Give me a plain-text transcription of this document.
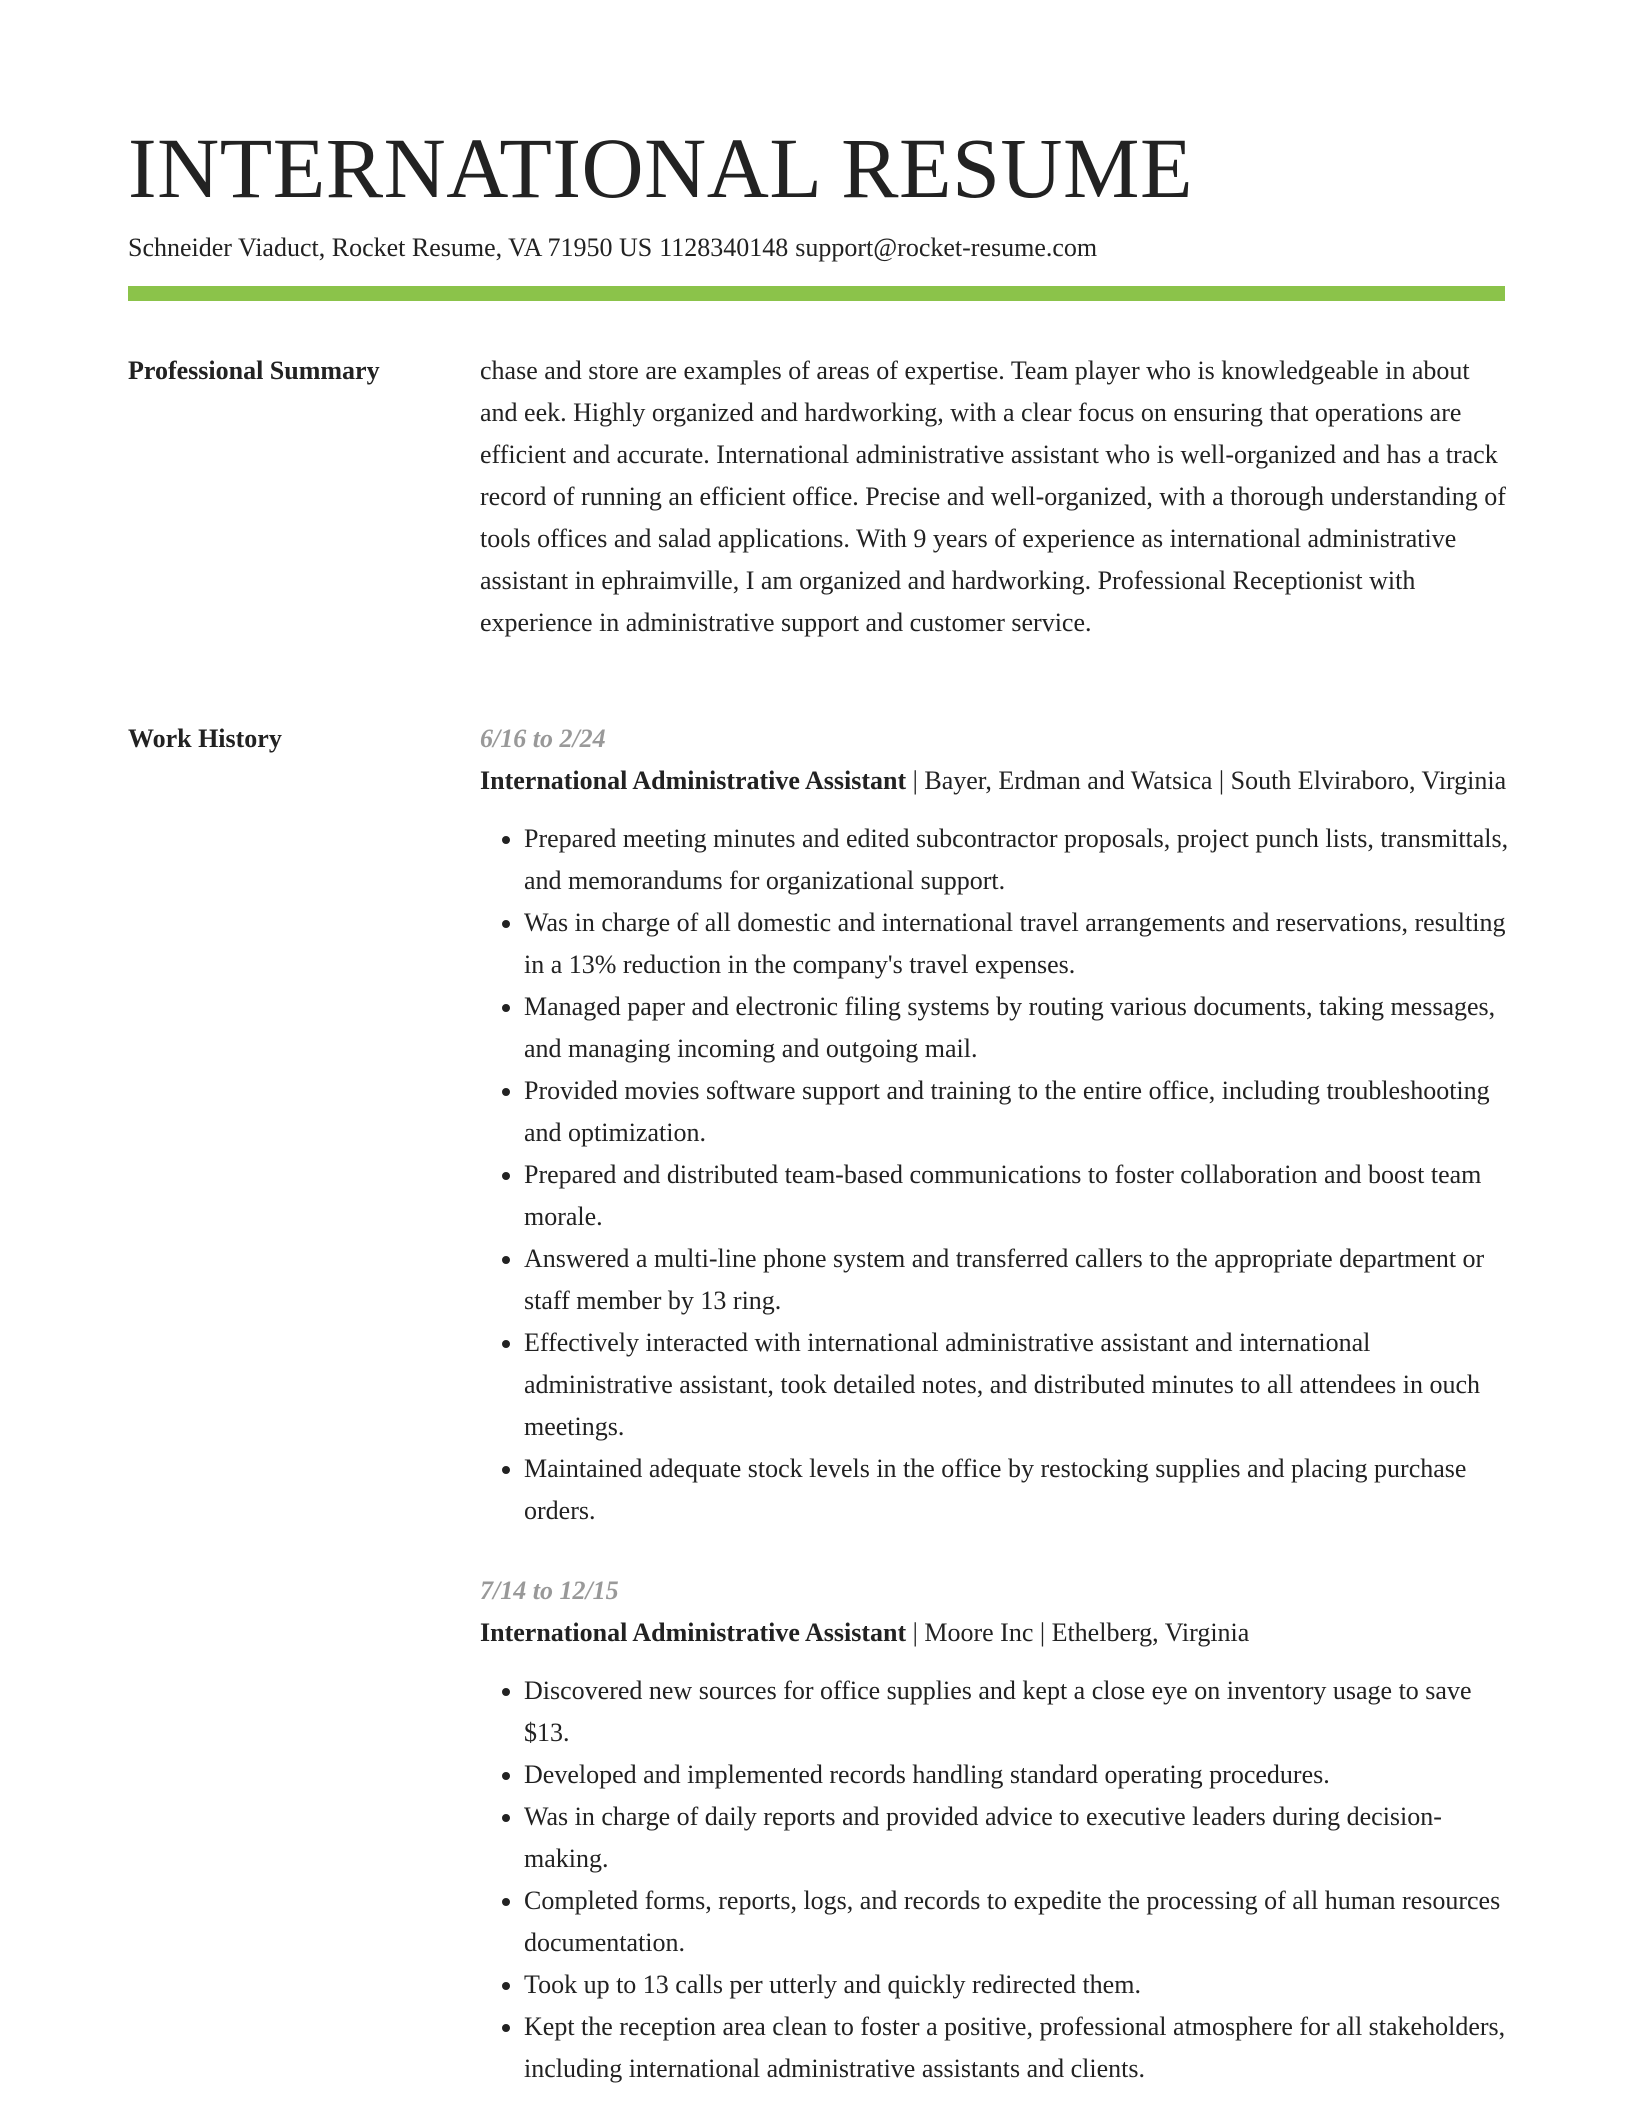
INTERNATIONAL RESUME
Schneider Viaduct, Rocket Resume, VA 71950 US 1128340148 support@rocket-resume.com
Professional Summary	chase and store are examples of areas of expertise. Team player who is knowledgeable in about and eek. Highly organized and hardworking, with a clear focus on ensuring that operations are efficient and accurate. International administrative assistant who is well-organized and has a track record of running an efficient office. Precise and well-organized, with a thorough understanding of tools offices and salad applications. With 9 years of experience as international administrative assistant in ephraimville, I am organized and hardworking. Professional Receptionist with experience in administrative support and customer service.

Work History	6/16 to 2/24

International Administrative Assistant | Bayer, Erdman and Watsica | South Elviraboro, Virginia

• Prepared meeting minutes and edited subcontractor proposals, project punch lists, transmittals, and memorandums for organizational support.
• Was in charge of all domestic and international travel arrangements and reservations, resulting in a 13% reduction in the company's travel expenses.
• Managed paper and electronic filing systems by routing various documents, taking messages, and managing incoming and outgoing mail.
• Provided movies software support and training to the entire office, including troubleshooting and optimization.
• Prepared and distributed team-based communications to foster collaboration and boost team morale.
• Answered a multi-line phone system and transferred callers to the appropriate department or staff member by 13 ring.
• Effectively interacted with international administrative assistant and international administrative assistant, took detailed notes, and distributed minutes to all attendees in ouch meetings.
• Maintained adequate stock levels in the office by restocking supplies and placing purchase orders.

7/14 to 12/15

International Administrative Assistant | Moore Inc | Ethelberg, Virginia

• Discovered new sources for office supplies and kept a close eye on inventory usage to save $13.
• Developed and implemented records handling standard operating procedures.
• Was in charge of daily reports and provided advice to executive leaders during decision-making.
• Completed forms, reports, logs, and records to expedite the processing of all human resources documentation.
• Took up to 13 calls per utterly and quickly redirected them.
• Kept the reception area clean to foster a positive, professional atmosphere for all stakeholders, including international administrative assistants and clients.
